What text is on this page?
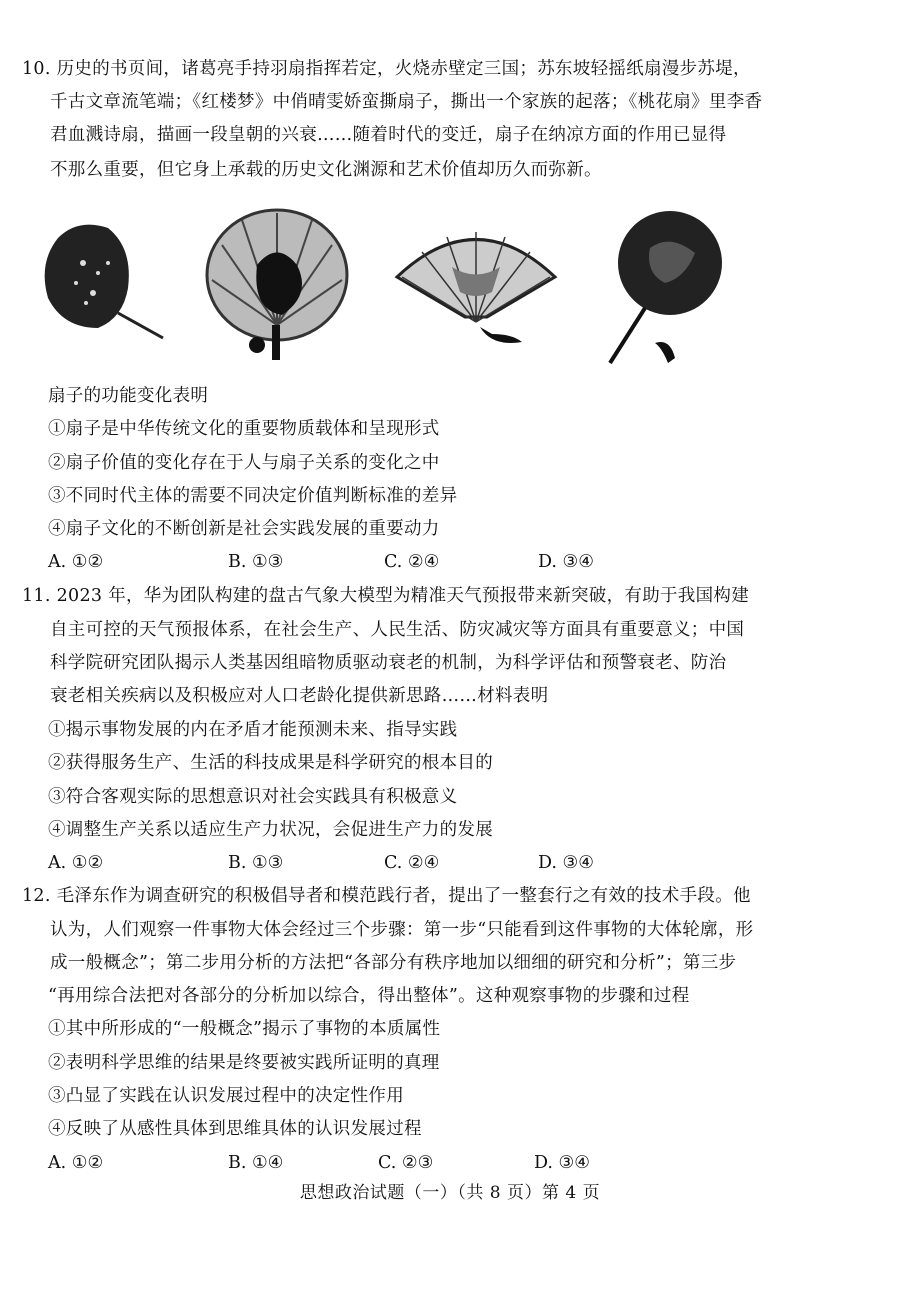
10. 历史的书页间，诸葛亮手持羽扇指挥若定，火烧赤壁定三国；苏东坡轻摇纸扇漫步苏堤，
千古文章流笔端；《红楼梦》中俏晴雯娇蛮撕扇子，撕出一个家族的起落；《桃花扇》里李香
君血溅诗扇，描画一段皇朝的兴衰……随着时代的变迁，扇子在纳凉方面的作用已显得
不那么重要，但它身上承载的历史文化渊源和艺术价值却历久而弥新。
扇子的功能变化表明
①扇子是中华传统文化的重要物质载体和呈现形式
②扇子价值的变化存在于人与扇子关系的变化之中
③不同时代主体的需要不同决定价值判断标准的差异
④扇子文化的不断创新是社会实践发展的重要动力
A. ①②	B. ①③	C. ②④	D. ③④
11. 2023 年，华为团队构建的盘古气象大模型为精准天气预报带来新突破，有助于我国构建
自主可控的天气预报体系，在社会生产、人民生活、防灾减灾等方面具有重要意义；中国
科学院研究团队揭示人类基因组暗物质驱动衰老的机制，为科学评估和预警衰老、防治
衰老相关疾病以及积极应对人口老龄化提供新思路……材料表明
①揭示事物发展的内在矛盾才能预测未来、指导实践
②获得服务生产、生活的科技成果是科学研究的根本目的
③符合客观实际的思想意识对社会实践具有积极意义
④调整生产关系以适应生产力状况，会促进生产力的发展
A. ①②	B. ①③	C. ②④	D. ③④
12. 毛泽东作为调查研究的积极倡导者和模范践行者，提出了一整套行之有效的技术手段。他
认为，人们观察一件事物大体会经过三个步骤：第一步“只能看到这件事物的大体轮廓，形
成一般概念”；第二步用分析的方法把“各部分有秩序地加以细细的研究和分析”；第三步
“再用综合法把对各部分的分析加以综合，得出整体”。这种观察事物的步骤和过程
①其中所形成的“一般概念”揭示了事物的本质属性
②表明科学思维的结果是终要被实践所证明的真理
③凸显了实践在认识发展过程中的决定性作用
④反映了从感性具体到思维具体的认识发展过程
A. ①②	B. ①④	C. ②③	D. ③④
思想政治试题（一）（共 8 页）第 4 页
